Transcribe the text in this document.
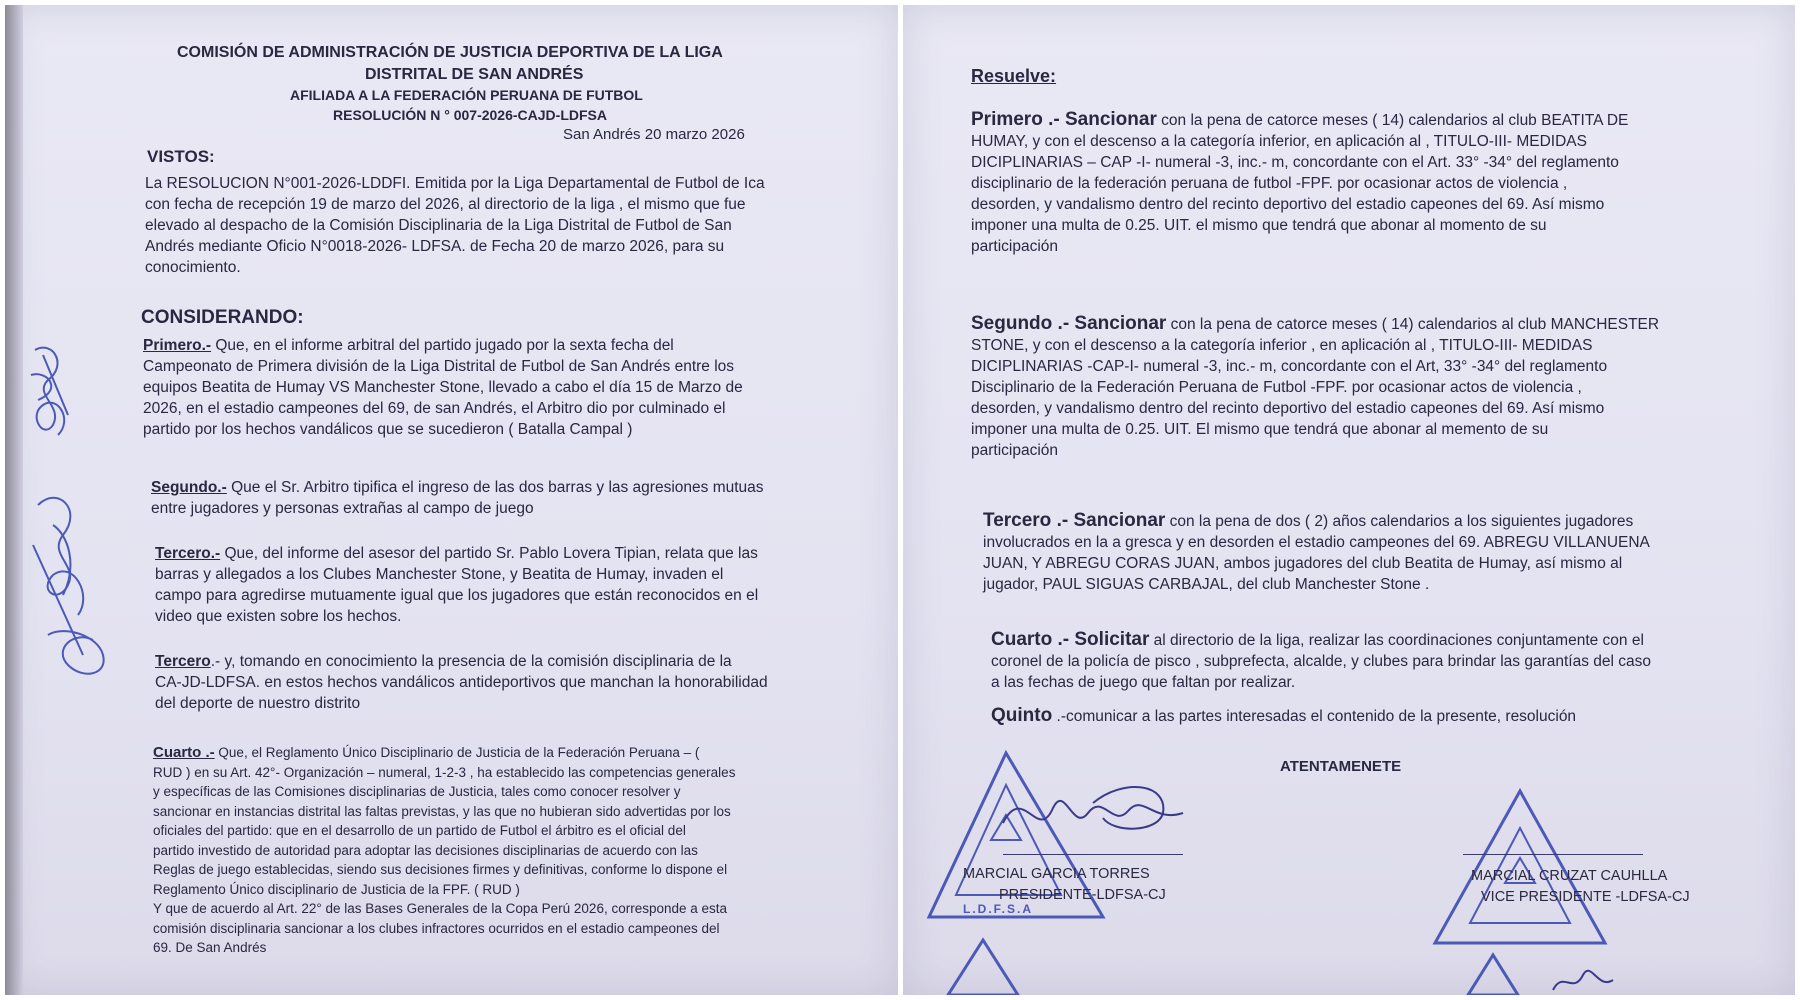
COMISIÓN DE ADMINISTRACIÓN DE JUSTICIA DEPORTIVA DE LA LIGA
DISTRITAL DE SAN ANDRÉS
AFILIADA A LA FEDERACIÓN PERUANA DE FUTBOL
RESOLUCIÓN N ° 007-2026-CAJD-LDFSA
San Andrés 20 marzo 2026
VISTOS:
La RESOLUCION N°001-2026-LDDFI. Emitida por la Liga Departamental de Futbol de Ica
con fecha de recepción 19 de marzo del 2026, al directorio de la liga , el mismo que fue
elevado al despacho de la Comisión Disciplinaria de la Liga Distrital de Futbol de San
Andrés mediante Oficio N°0018-2026- LDFSA. de Fecha 20 de marzo 2026, para su
conocimiento.
CONSIDERANDO:
Primero.- Que, en el informe arbitral del partido jugado por la sexta fecha del
Campeonato de Primera división de la Liga Distrital de Futbol de San Andrés entre los
equipos Beatita de Humay VS Manchester Stone, llevado a cabo el día 15 de Marzo de
2026, en el estadio campeones del 69, de san Andrés, el Arbitro dio por culminado el
partido por los hechos vandálicos que se sucedieron ( Batalla Campal )
Segundo.- Que el Sr. Arbitro tipifica el ingreso de las dos barras y las agresiones mutuas
entre jugadores y personas extrañas al campo de juego
Tercero.- Que, del informe del asesor del partido Sr. Pablo Lovera Tipian, relata que las
barras y allegados a los Clubes Manchester Stone, y Beatita de Humay, invaden el
campo para agredirse mutuamente igual que los jugadores que están reconocidos en el
video que existen sobre los hechos.
Tercero.- y, tomando en conocimiento la presencia de la comisión disciplinaria de la
CA-JD-LDFSA. en estos hechos vandálicos antideportivos que manchan la honorabilidad
del deporte de nuestro distrito
Cuarto .- Que, el Reglamento Único Disciplinario de Justicia de la Federación Peruana – (
RUD ) en su Art. 42°- Organización – numeral, 1-2-3 , ha establecido las competencias generales
y específicas de las Comisiones disciplinarias de Justicia, tales como conocer resolver y
sancionar en instancias distrital las faltas previstas, y las que no hubieran sido advertidas por los
oficiales del partido: que en el desarrollo de un partido de Futbol el árbitro es el oficial del
partido investido de autoridad para adoptar las decisiones disciplinarias de acuerdo con las
Reglas de juego establecidas, siendo sus decisiones firmes y definitivas, conforme lo dispone el
Reglamento Único disciplinario de Justicia de la FPF. ( RUD )
Y que de acuerdo al Art. 22° de las Bases Generales de la Copa Perú 2026, corresponde a esta
comisión disciplinaria sancionar a los clubes infractores ocurridos en el estadio campeones del
69. De San Andrés
Resuelve:
Primero .- Sancionar con la pena de catorce meses ( 14) calendarios al club BEATITA DE
HUMAY, y con el descenso a la categoría inferior, en aplicación al , TITULO-III- MEDIDAS
DICIPLINARIAS – CAP -I- numeral -3, inc.- m, concordante con el Art. 33° -34° del reglamento
disciplinario de la federación peruana de futbol -FPF. por ocasionar actos de violencia ,
desorden, y vandalismo dentro del recinto deportivo del estadio capeones del 69. Así mismo
imponer una multa de 0.25. UIT. el mismo que tendrá que abonar al momento de su
participación
Segundo .- Sancionar con la pena de catorce meses ( 14) calendarios al club MANCHESTER
STONE, y con el descenso a la categoría inferior , en aplicación al , TITULO-III- MEDIDAS
DICIPLINARIAS -CAP-I- numeral -3, inc.- m, concordante con el Art, 33° -34° del reglamento
Disciplinario de la Federación Peruana de Futbol -FPF. por ocasionar actos de violencia ,
desorden, y vandalismo dentro del recinto deportivo del estadio capeones del 69. Así mismo
imponer una multa de 0.25. UIT. El mismo que tendrá que abonar al memento de su
participación
Tercero .- Sancionar con la pena de dos ( 2) años calendarios a los siguientes jugadores
involucrados en la a gresca y en desorden el estadio campeones del 69. ABREGU VILLANUENA
JUAN, Y ABREGU CORAS JUAN, ambos jugadores del club Beatita de Humay, así mismo al
jugador, PAUL SIGUAS CARBAJAL, del club Manchester Stone .
Cuarto .- Solicitar al directorio de la liga, realizar las coordinaciones conjuntamente con el
coronel de la policía de pisco , subprefecta, alcalde, y clubes para brindar las garantías del caso
a las fechas de juego que faltan por realizar.
Quinto .-comunicar a las partes interesadas el contenido de la presente, resolución
ATENTAMENETE
L.D.F.S.A
MARCIAL GARCIA TORRES
PRESIDENTE-LDFSA-CJ
MARCIAL CRUZAT CAUHLLA
VICE PRESIDENTE -LDFSA-CJ
